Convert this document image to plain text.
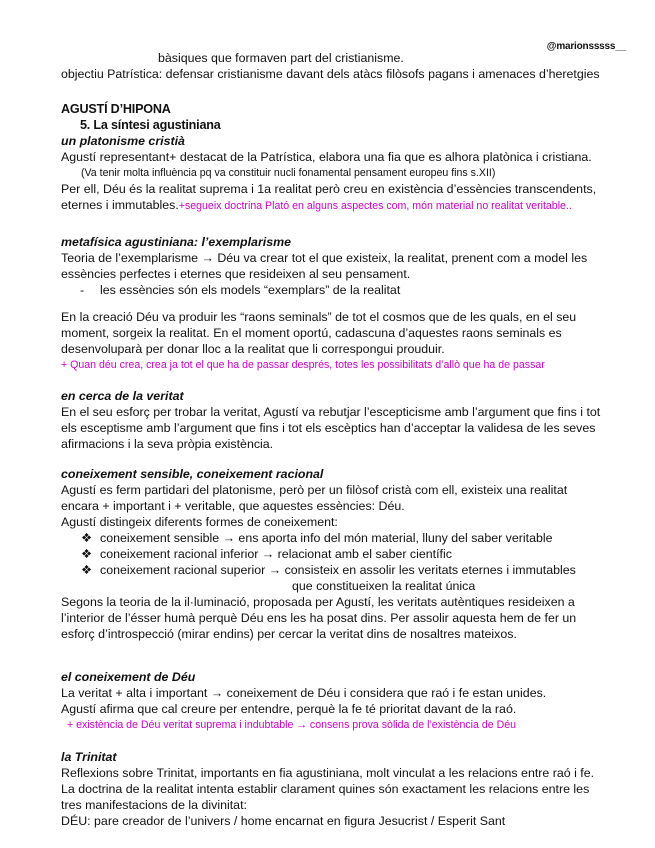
@marionsssss__
bàsiques que formaven part del cristianisme.
objectiu Patrística: defensar cristianisme davant dels atàcs filòsofs pagans i amenaces d’heretgies
AGUSTÍ D’HIPONA
5. La síntesi agustiniana
un platonisme cristià
Agustí representant+ destacat de la Patrística, elabora una fia que es alhora platònica i cristiana.
(Va tenir molta influència pq va constituir nucli fonamental pensament europeu fins s.XII)
Per ell, Déu és la realitat suprema i 1a realitat però creu en existència d’essències transcendents,
eternes i immutables.+segueix doctrina Plató en alguns aspectes com, món material no realitat veritable..
metafísica agustiniana: l’exemplarisme
Teoria de l’exemplarisme → Déu va crear tot el que existeix, la realitat, prenent com a model les
essències perfectes i eternes que resideixen al seu pensament.
- les essències són els models “exemplars” de la realitat
En la creació Déu va produir les “raons seminals” de tot el cosmos que de les quals, en el seu
moment, sorgeix la realitat. En el moment oportú, cadascuna d’aquestes raons seminals es
desenvoluparà per donar lloc a la realitat que li correspongui prouduir.
+ Quan déu crea, crea ja tot el que ha de passar després, totes les possibilitats d’allò que ha de passar
en cerca de la veritat
En el seu esforç per trobar la veritat, Agustí va rebutjar l’escepticisme amb l’argument que fins i tot
els esceptisme amb l’argument que fins i tot els escèptics han d’acceptar la validesa de les seves
afirmacions i la seva pròpia existència.
coneixement sensible, coneixement racional
Agustí es ferm partidari del platonisme, però per un filòsof cristà com ell, existeix una realitat
encara + important i + veritable, que aquestes essències: Déu.
Agustí distingeix diferents formes de coneixement:
❖ coneixement sensible → ens aporta info del món material, lluny del saber veritable
❖ coneixement racional inferior → relacionat amb el saber científic
❖ coneixement racional superior → consisteix en assolir les veritats eternes i immutables
que constitueixen la realitat única
Segons la teoria de la il·luminació, proposada per Agustí, les veritats autèntiques resideixen a
l’interior de l’ésser humà perquè Déu ens les ha posat dins. Per assolir aquesta hem de fer un
esforç d’introspecció (mirar endins) per cercar la veritat dins de nosaltres mateixos.
el coneixement de Déu
La veritat + alta i important → coneixement de Déu i considera que raó i fe estan unides.
Agustí afirma que cal creure per entendre, perquè la fe té prioritat davant de la raó.
+ existència de Déu veritat suprema i indubtable → consens prova sòlida de l’existència de Déu
la Trinitat
Reflexions sobre Trinitat, importants en fia agustiniana, molt vinculat a les relacions entre raó i fe.
La doctrina de la realitat intenta establir clarament quines són exactament les relacions entre les
tres manifestacions de la divinitat:
DÉU: pare creador de l’univers / home encarnat en figura Jesucrist / Esperit Sant
